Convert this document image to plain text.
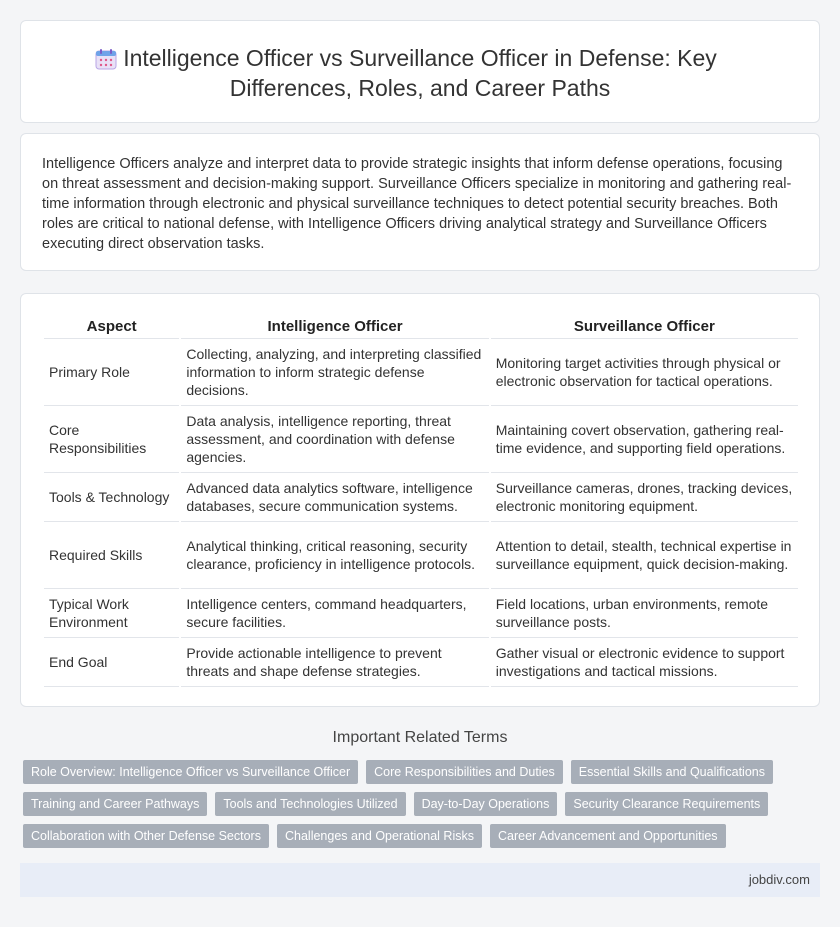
Intelligence Officer vs Surveillance Officer in Defense: Key
Differences, Roles, and Career Paths

Intelligence Officers analyze and interpret data to provide strategic insights that inform defense operations, focusing on threat assessment and decision-making support. Surveillance Officers specialize in monitoring and gathering real-time information through electronic and physical surveillance techniques to detect potential security breaches. Both roles are critical to national defense, with Intelligence Officers driving analytical strategy and Surveillance Officers executing direct observation tasks.

Aspect	Intelligence Officer	Surveillance Officer
Primary Role	Collecting, analyzing, and interpreting classified information to inform strategic defense decisions.	Monitoring target activities through physical or electronic observation for tactical operations.
Core Responsibilities	Data analysis, intelligence reporting, threat assessment, and coordination with defense agencies.	Maintaining covert observation, gathering real-time evidence, and supporting field operations.
Tools & Technology	Advanced data analytics software, intelligence databases, secure communication systems.	Surveillance cameras, drones, tracking devices, electronic monitoring equipment.
Required Skills	Analytical thinking, critical reasoning, security clearance, proficiency in intelligence protocols.	Attention to detail, stealth, technical expertise in surveillance equipment, quick decision-making.
Typical Work Environment	Intelligence centers, command headquarters, secure facilities.	Field locations, urban environments, remote surveillance posts.
End Goal	Provide actionable intelligence to prevent threats and shape defense strategies.	Gather visual or electronic evidence to support investigations and tactical missions.
Important Related Terms
Role Overview: Intelligence Officer vs Surveillance Officer	Core Responsibilities and Duties	Essential Skills and Qualifications
Training and Career Pathways	Tools and Technologies Utilized	Day-to-Day Operations	Security Clearance Requirements
Collaboration with Other Defense Sectors	Challenges and Operational Risks	Career Advancement and Opportunities
jobdiv.com
